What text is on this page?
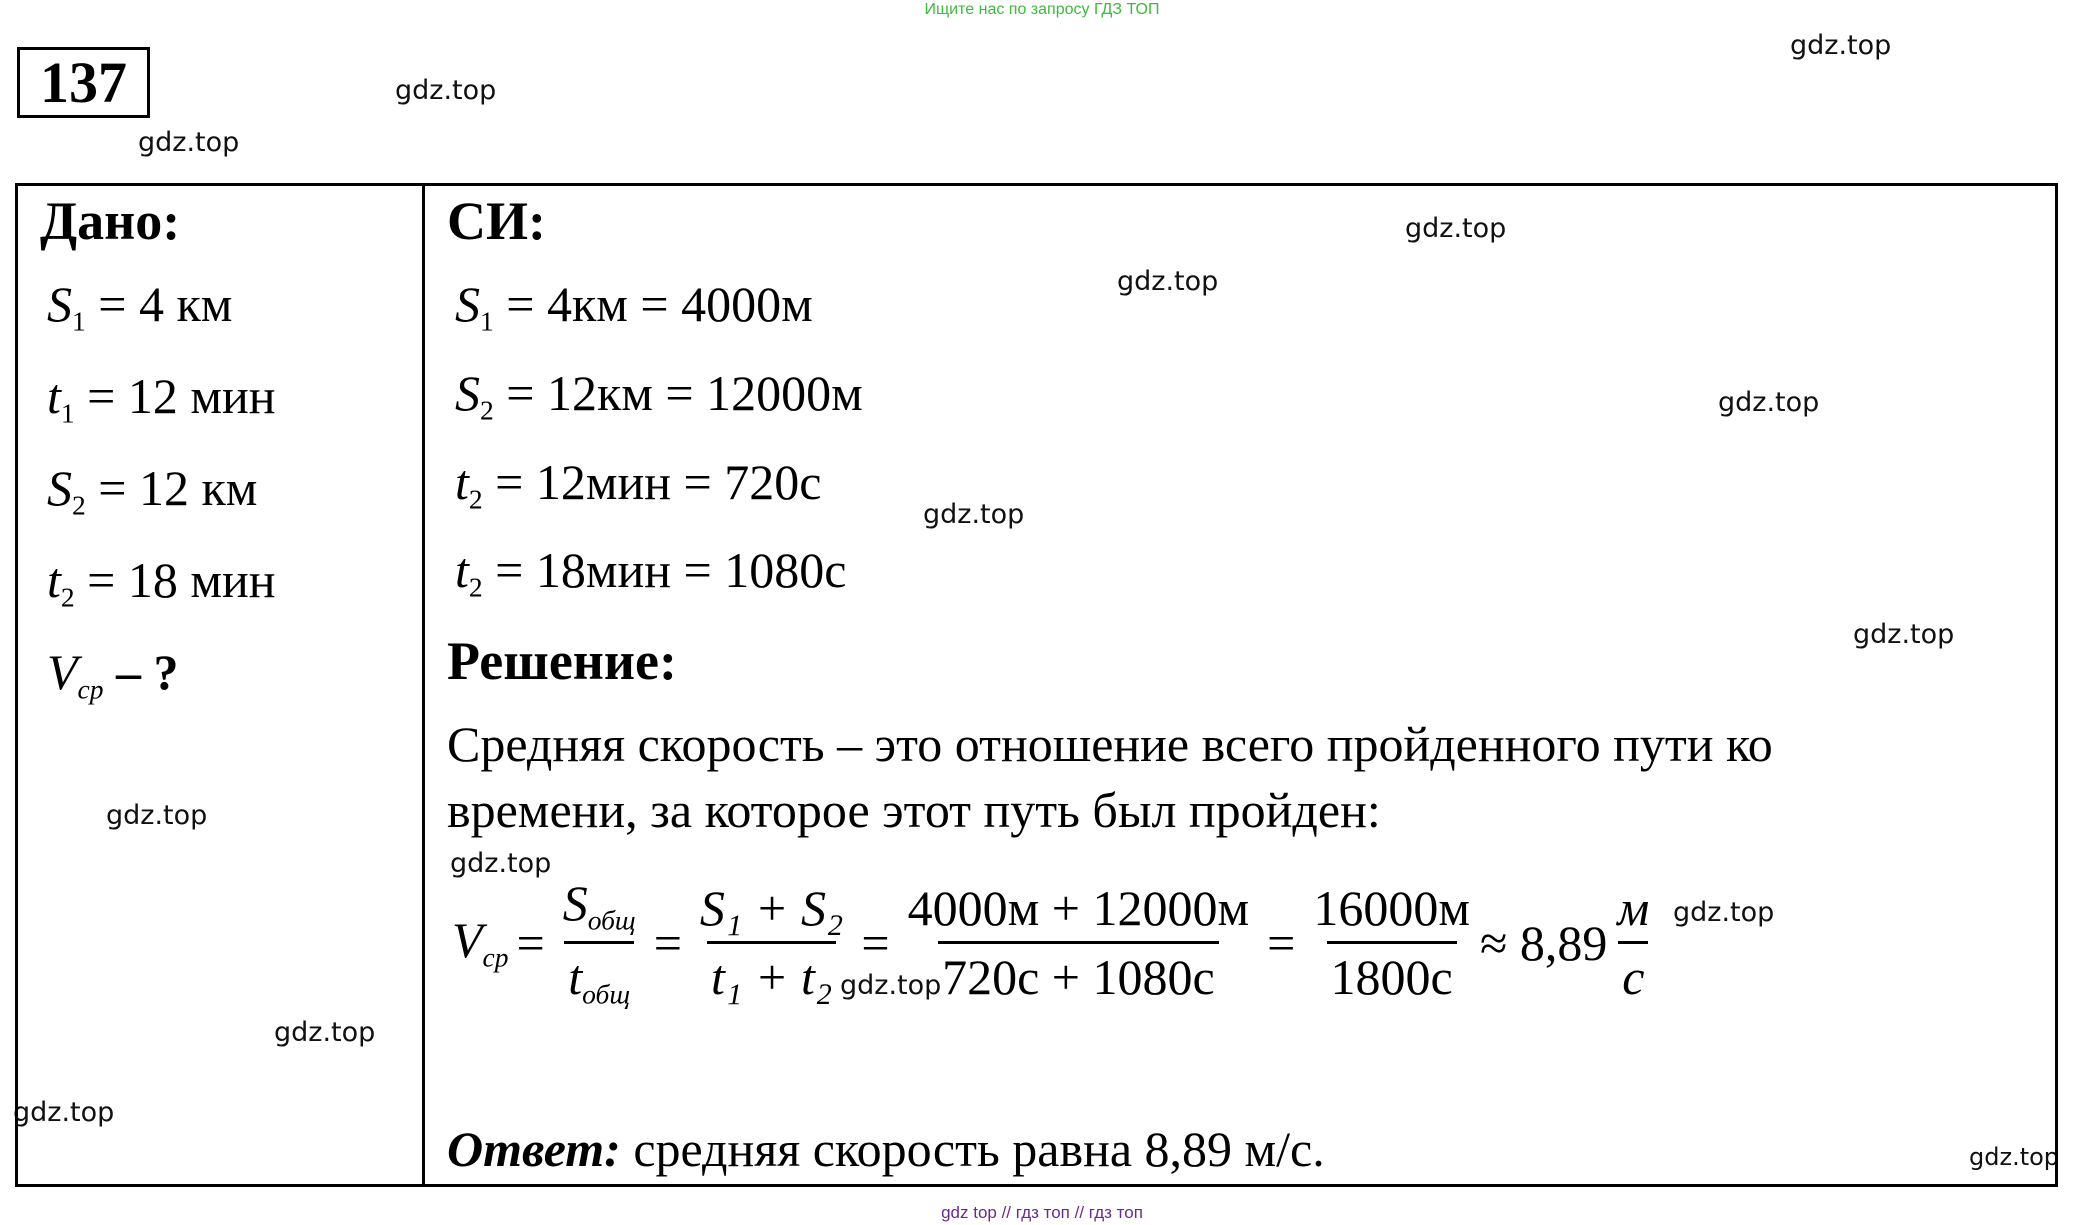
Ищите нас по запросу ГДЗ ТОП
137
gdz.top
gdz.top
gdz.top
gdz.top
gdz.top
gdz.top
gdz.top
gdz.top
gdz.top
gdz.top
gdz.top
gdz.top
gdz.top
gdz.top
gdz.top
Дано:
$S_1 = 4$ км
$t_1 = 12$ мин
$S_2 = 12$ км
$t_2 = 18$ мин
$V_{ср}$ – ?
СИ:
$S_1 = 4км = 4000м$
$S_2 = 12км = 12000м$
$t_2 = 12мин = 720с$
$t_2 = 18мин = 1080с$
Решение:
Средняя скорость – это отношение всего пройденного пути ко
времени, за которое этот путь был пройден:
$V_{ср} = \frac{S_{общ}}{t_{общ}} = \frac{\text{S₁ + S₂}}{\text{t₁ + t₂}} = \frac{4000м + 12000м}{720с + 1080с} = \frac{16000м}{1800с} \approx 8,89 \frac{м}{с}$
Ответ: средняя скорость равна 8,89 м/с.
gdz top // гдз топ // гдз топ
